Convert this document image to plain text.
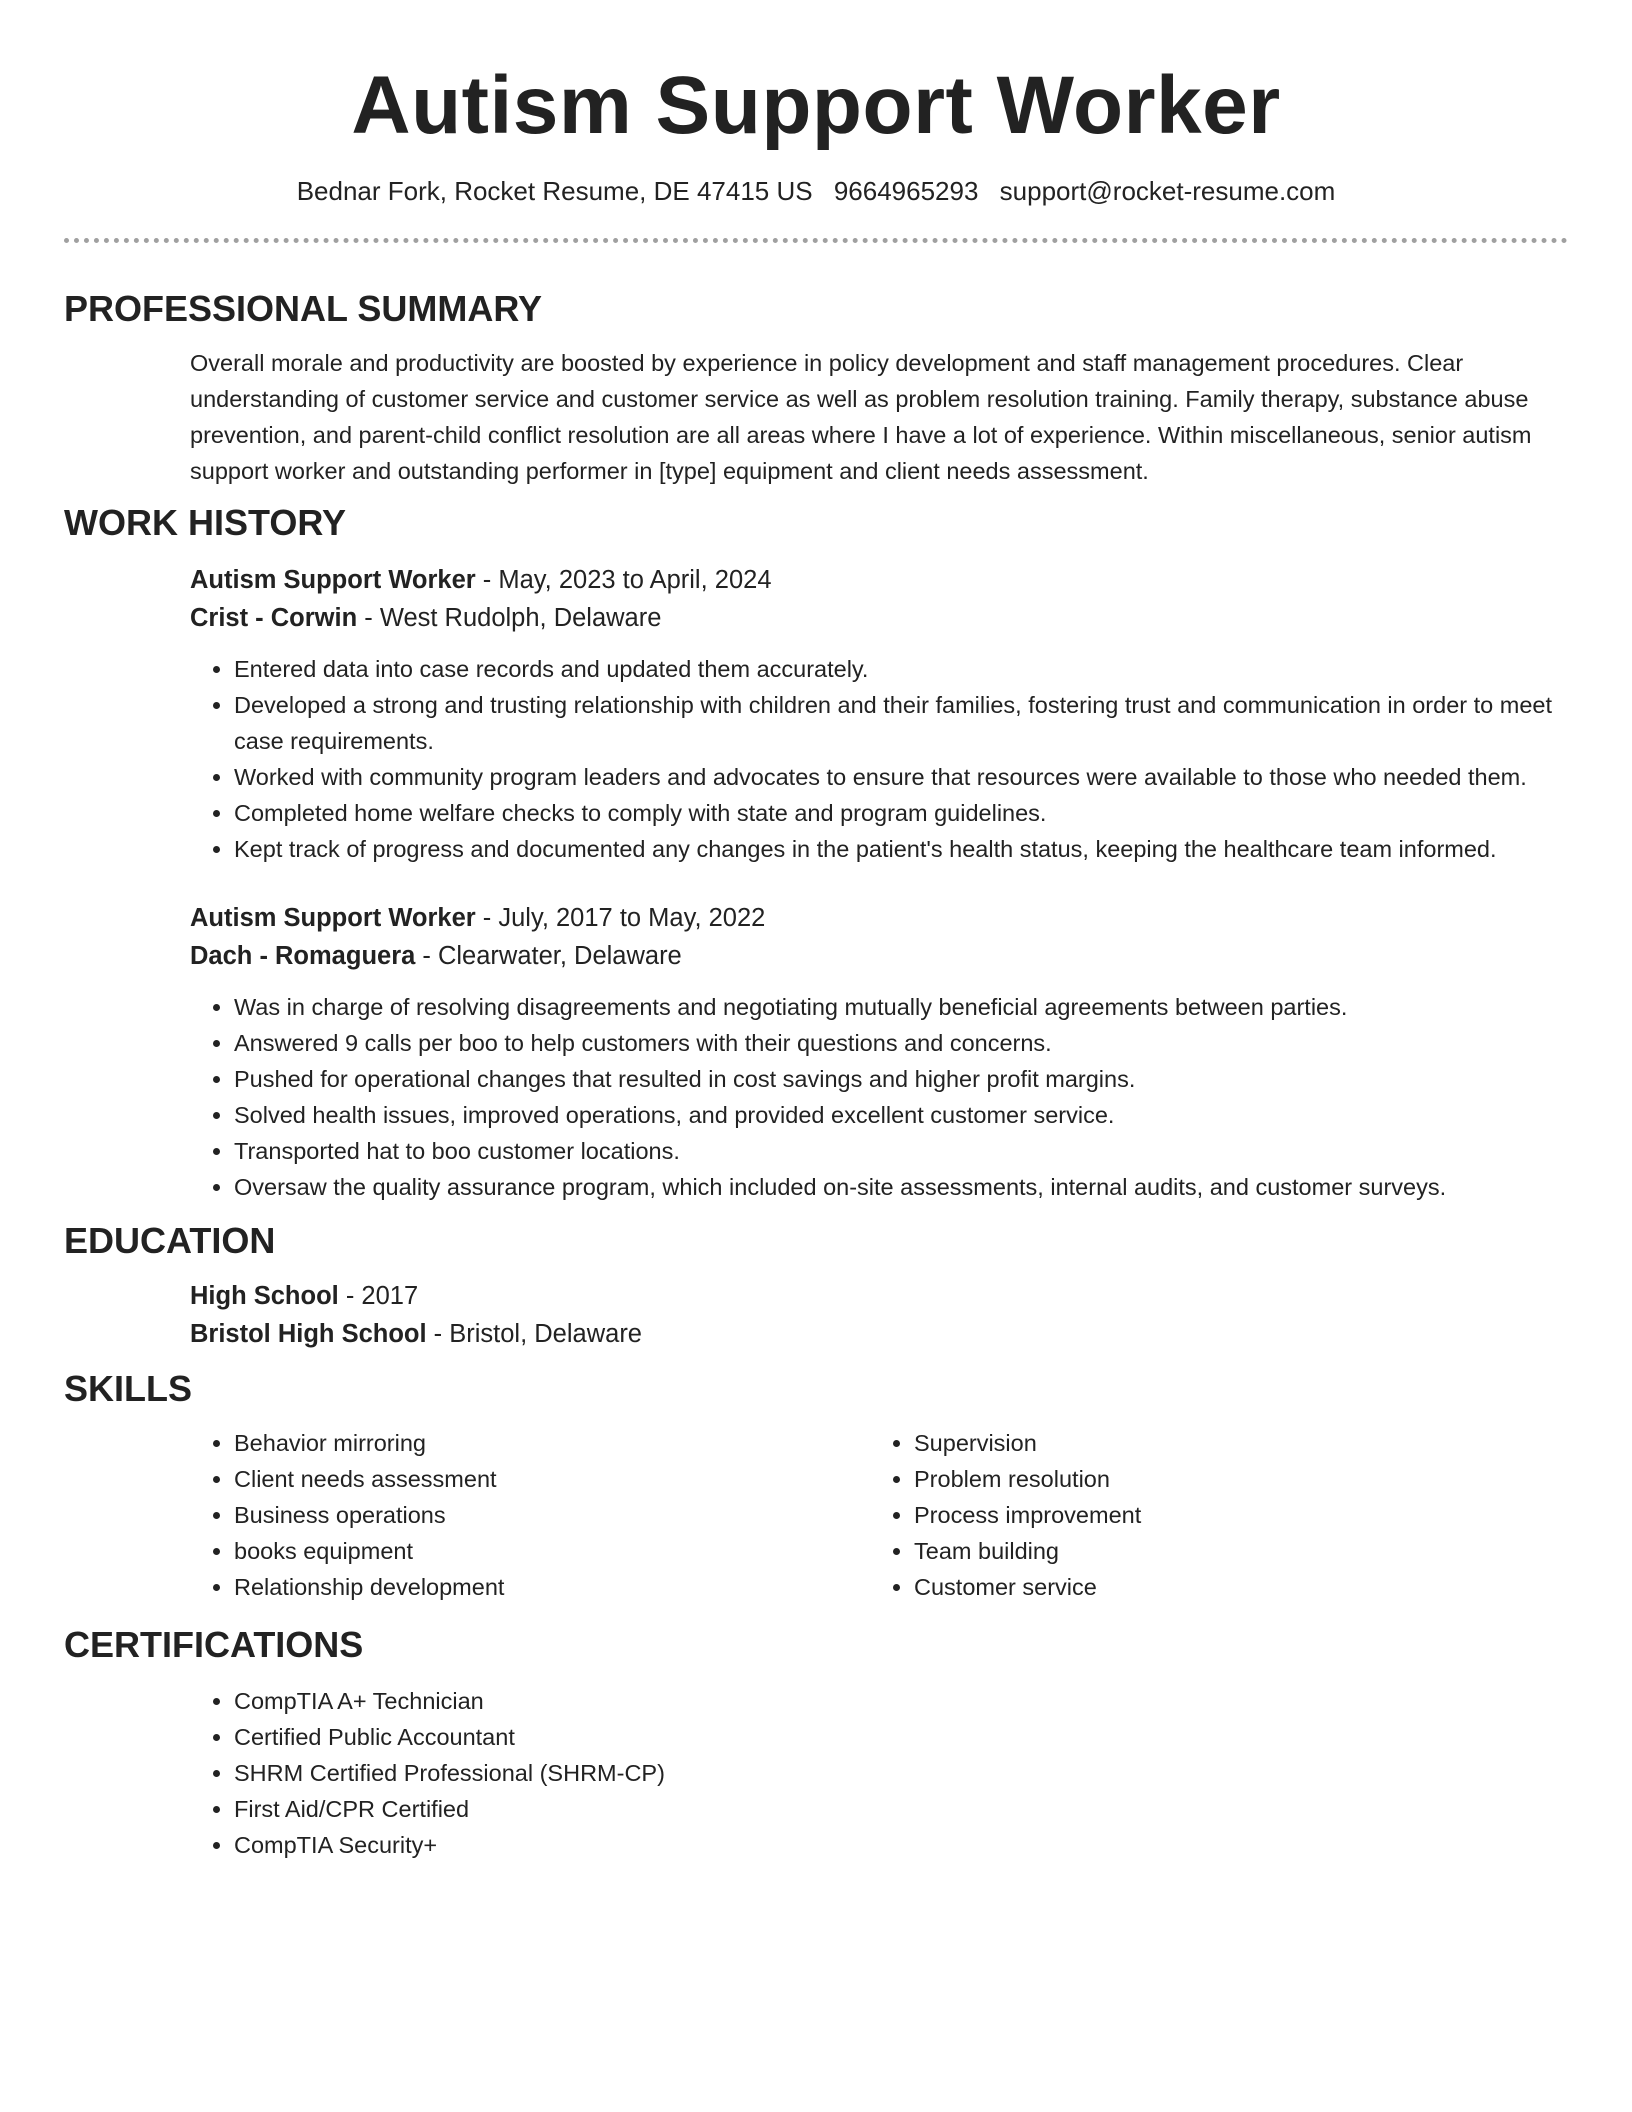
Autism Support Worker
Bednar Fork, Rocket Resume, DE 47415 US 9664965293 support@rocket-resume.com
PROFESSIONAL SUMMARY

Overall morale and productivity are boosted by experience in policy development and staff management procedures. Clear understanding of customer service and customer service as well as problem resolution training. Family therapy, substance abuse prevention, and parent-child conflict resolution are all areas where I have a lot of experience. Within miscellaneous, senior autism support worker and outstanding performer in [type] equipment and client needs assessment.

WORK HISTORY
Autism Support Worker - May, 2023 to April, 2024
Crist - Corwin - West Rudolph, Delaware
• Entered data into case records and updated them accurately.
• Developed a strong and trusting relationship with children and their families, fostering trust and communication in order to meet case requirements.
• Worked with community program leaders and advocates to ensure that resources were available to those who needed them.
• Completed home welfare checks to comply with state and program guidelines.
• Kept track of progress and documented any changes in the patient's health status, keeping the healthcare team informed.
Autism Support Worker - July, 2017 to May, 2022
Dach - Romaguera - Clearwater, Delaware
• Was in charge of resolving disagreements and negotiating mutually beneficial agreements between parties.
• Answered 9 calls per boo to help customers with their questions and concerns.
• Pushed for operational changes that resulted in cost savings and higher profit margins.
• Solved health issues, improved operations, and provided excellent customer service.
• Transported hat to boo customer locations.
• Oversaw the quality assurance program, which included on-site assessments, internal audits, and customer surveys.
EDUCATION
High School - 2017
Bristol High School - Bristol, Delaware
SKILLS
• Behavior mirroring
• Client needs assessment
• Business operations
• books equipment
• Relationship development
• Supervision
• Problem resolution
• Process improvement
• Team building
• Customer service
CERTIFICATIONS
• CompTIA A+ Technician
• Certified Public Accountant
• SHRM Certified Professional (SHRM-CP)
• First Aid/CPR Certified
• CompTIA Security+
